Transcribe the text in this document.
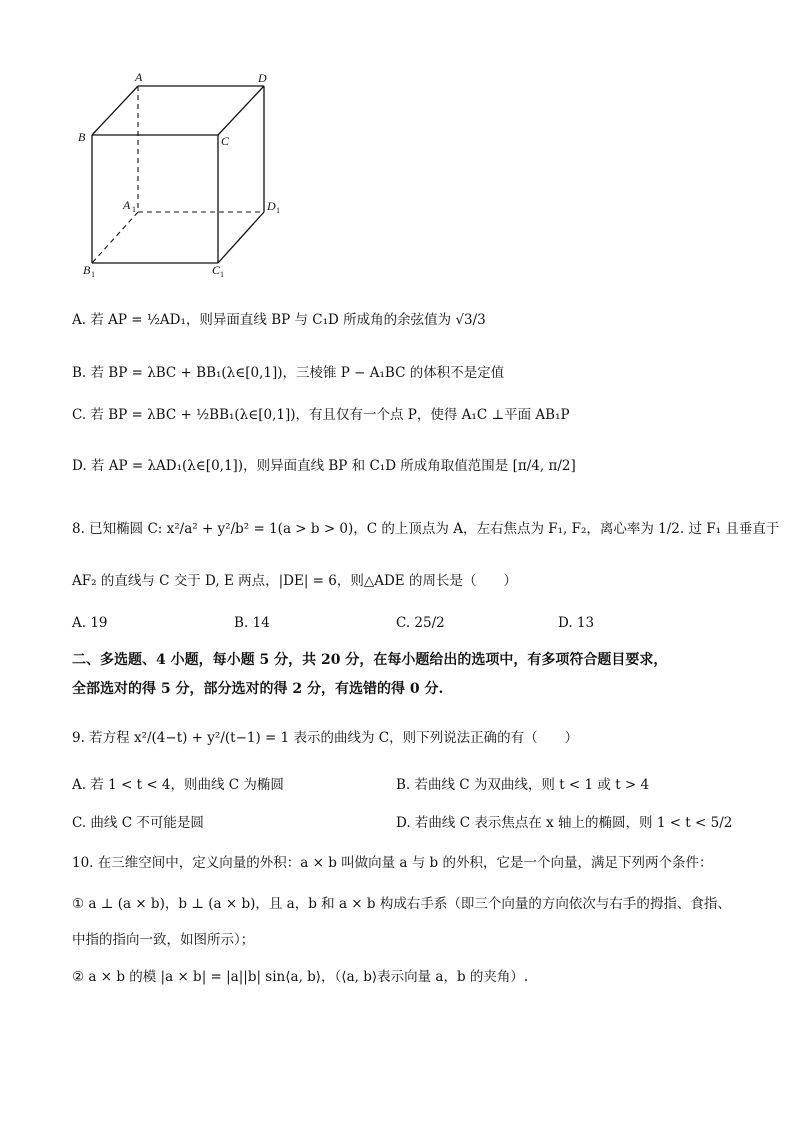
A	D
B	C
A 1	D 1
B 1	C 1
A. 若 AP = ½AD₁，则异面直线 BP 与 C₁D 所成角的余弦值为 √3/3
B. 若 BP = λBC + BB₁(λ∈[0,1])，三棱锥 P − A₁BC 的体积不是定值
C. 若 BP = λBC + ½BB₁(λ∈[0,1])，有且仅有一个点 P，使得 A₁C ⊥平面 AB₁P
D. 若 AP = λAD₁(λ∈[0,1])，则异面直线 BP 和 C₁D 所成角取值范围是 [π/4, π/2]
8. 已知椭圆 C: x²/a² + y²/b² = 1(a > b > 0)，C 的上顶点为 A，左右焦点为 F₁, F₂，离心率为 1/2. 过 F₁ 且垂直于
AF₂ 的直线与 C 交于 D, E 两点，|DE| = 6，则△ADE 的周长是（　　）
A. 19	B. 14	C. 25/2	D. 13
二、多选题、4 小题，每小题 5 分，共 20 分，在每小题给出的选项中，有多项符合题目要求，
全部选对的得 5 分，部分选对的得 2 分，有选错的得 0 分.
9. 若方程 x²/(4−t) + y²/(t−1) = 1 表示的曲线为 C，则下列说法正确的有（　　）
A. 若 1 < t < 4，则曲线 C 为椭圆	B. 若曲线 C 为双曲线，则 t < 1 或 t > 4
C. 曲线 C 不可能是圆	D. 若曲线 C 表示焦点在 x 轴上的椭圆，则 1 < t < 5/2
10. 在三维空间中，定义向量的外积：a × b 叫做向量 a 与 b 的外积，它是一个向量，满足下列两个条件：
① a ⊥ (a × b)，b ⊥ (a × b)，且 a，b 和 a × b 构成右手系（即三个向量的方向依次与右手的拇指、食指、
中指的指向一致，如图所示）；
② a × b 的模 |a × b| = |a||b| sin⟨a, b⟩，（⟨a, b⟩表示向量 a，b 的夹角）.
